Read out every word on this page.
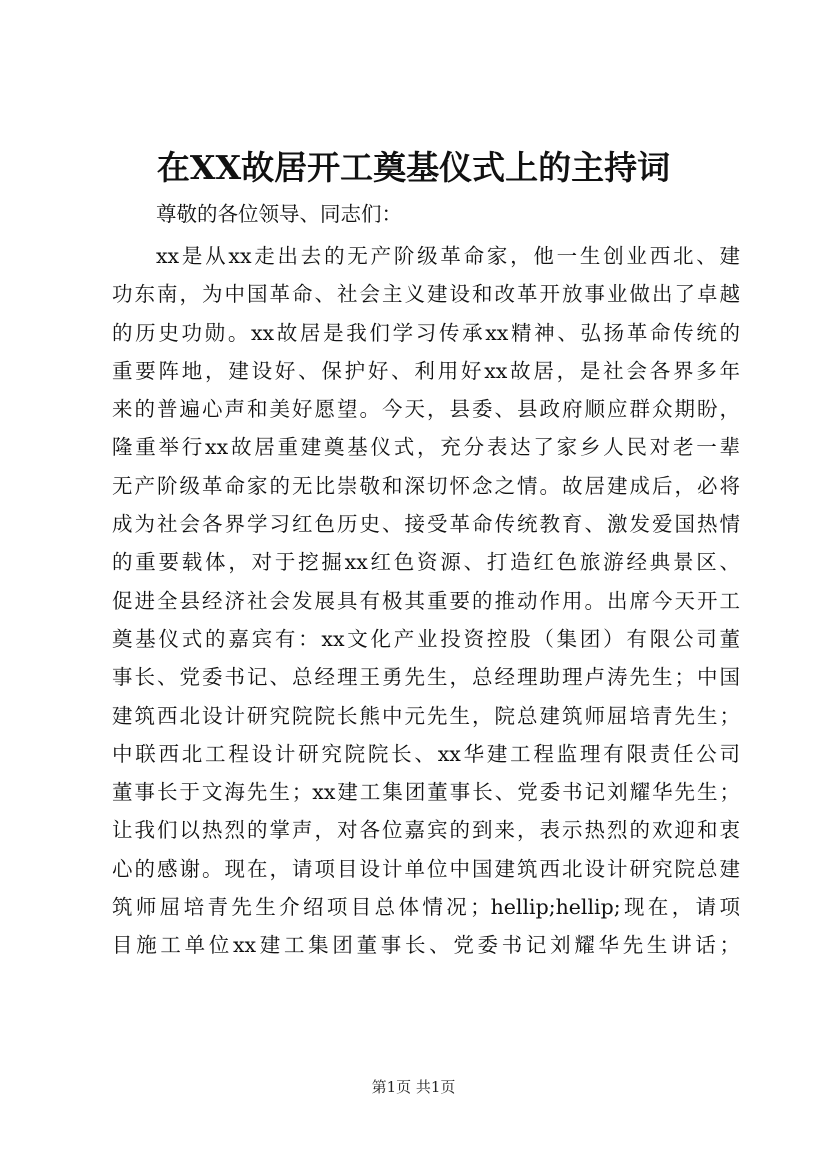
在XX故居开工奠基仪式上的主持词
尊敬的各位领导、同志们：
xx是从xx走出去的无产阶级革命家，他一生创业西北、建
功东南，为中国革命、社会主义建设和改革开放事业做出了卓越
的历史功勋。xx故居是我们学习传承xx精神、弘扬革命传统的
重要阵地，建设好、保护好、利用好xx故居，是社会各界多年
来的普遍心声和美好愿望。今天，县委、县政府顺应群众期盼，
隆重举行xx故居重建奠基仪式，充分表达了家乡人民对老一辈
无产阶级革命家的无比崇敬和深切怀念之情。故居建成后，必将
成为社会各界学习红色历史、接受革命传统教育、激发爱国热情
的重要载体，对于挖掘xx红色资源、打造红色旅游经典景区、
促进全县经济社会发展具有极其重要的推动作用。出席今天开工
奠基仪式的嘉宾有：xx文化产业投资控股（集团）有限公司董
事长、党委书记、总经理王勇先生，总经理助理卢涛先生；中国
建筑西北设计研究院院长熊中元先生，院总建筑师屈培青先生；
中联西北工程设计研究院院长、xx华建工程监理有限责任公司
董事长于文海先生；xx建工集团董事长、党委书记刘耀华先生；
让我们以热烈的掌声，对各位嘉宾的到来，表示热烈的欢迎和衷
心的感谢。现在，请项目设计单位中国建筑西北设计研究院总建
筑师屈培青先生介绍项目总体情况；hellip;hellip;现在，请项
目施工单位xx建工集团董事长、党委书记刘耀华先生讲话；
第1页 共1页
